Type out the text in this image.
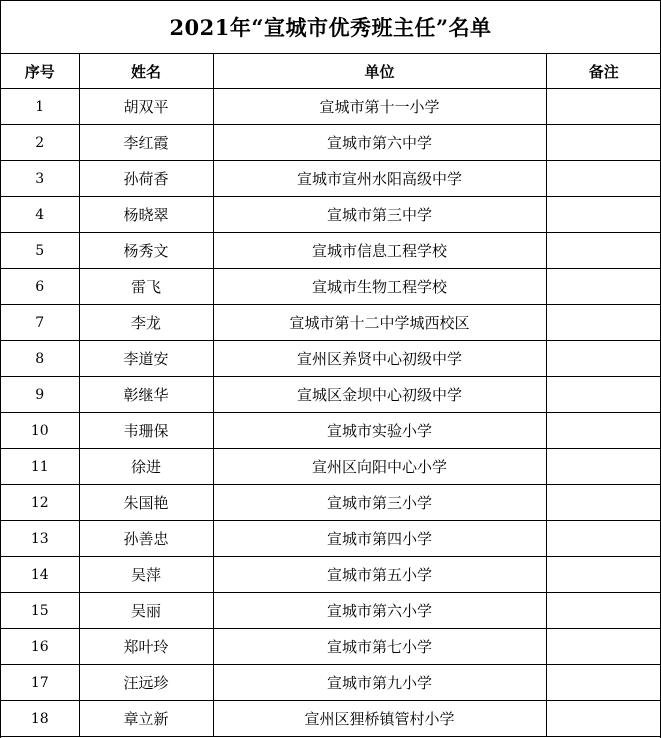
2021年“宣城市优秀班主任”名单
序号	姓名	单位	备注
1	胡双平	宣城市第十一小学	
2	李红霞	宣城市第六中学	
3	孙荷香	宣城市宣州水阳高级中学	
4	杨晓翠	宣城市第三中学	
5	杨秀文	宣城市信息工程学校	
6	雷飞	宣城市生物工程学校	
7	李龙	宣城市第十二中学城西校区	
8	李道安	宣州区养贤中心初级中学	
9	彰继华	宣城区金坝中心初级中学	
10	韦珊保	宣城市实验小学	
11	徐进	宣州区向阳中心小学	
12	朱国艳	宣城市第三小学	
13	孙善忠	宣城市第四小学	
14	吴萍	宣城市第五小学	
15	吴丽	宣城市第六小学	
16	郑叶玲	宣城市第七小学	
17	汪远珍	宣城市第九小学	
18	章立新	宣州区狸桥镇管村小学	
